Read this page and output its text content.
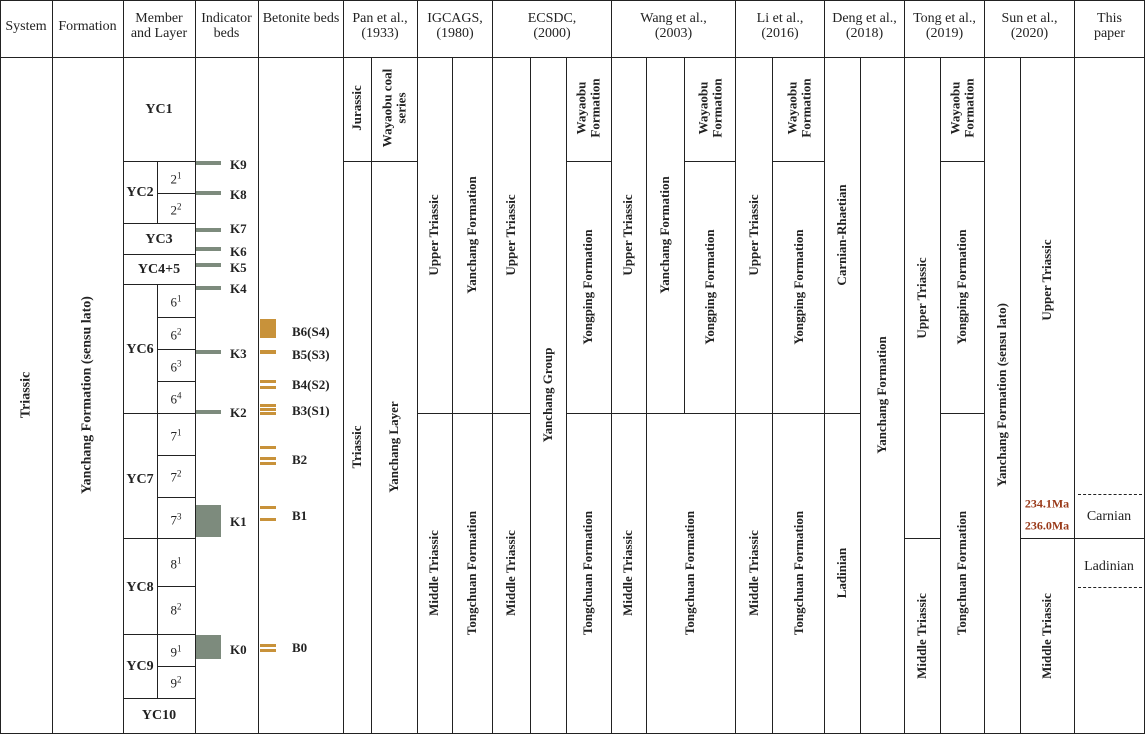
System Formation
Member and Layer
Indicator beds
Betonite beds Pan et al., (1933)
IGCAGS, (1980)
ECSDC, (2000)
Wang et al., (2003)
Li et al., (2016)
Deng et al., (2018)
Tong et al., (2019)
Sun et al., (2020)
This paper
Triassic	Yanchang Formation (sensu lato)
YC1
YC2
YC3
YC4+5
YC6
YC7
YC8
YC9
YC10
$2^1$
$2^2$
$6^1$
$6^2$
$6^3$
$6^4$
$7^1$
$7^2$
$7^3$
$8^1$
$8^2$
$9^1$
$9^2$
K9
K8
K7
K6
K5
K4
K3
K2
K1
K0
B6(S4)
B5(S3)
B4(S2)
B3(S1)
B2
B1
B0
Jurassic Wayaobu coal series
Triassic Yanchang Layer
Upper Triassic
Middle Triassic
Yanchang Formation
Tongchuan Formation
Upper Triassic
Middle Triassic
Yanchang Group
Wayaobu Formation
Yongping Formation
Tongchuan Formation
Upper Triassic
Middle Triassic
Yanchang Formation
Wayaobu Formation
Yongping Formation
Tongchuan Formation
Upper Triassic
Middle Triassic
Wayaobu Formation
Yongping Formation
Tongchuan Formation
Carnian-Rhaetian
Ladinian
Yanchang Formation
Upper Triassic
Middle Triassic
Wayaobu Formation
Yongping Formation
Tongchuan Formation
Yanchang Formation (sensu lato)
Upper Triassic
Middle Triassic
234.1Ma
236.0Ma
Carnian
Ladinian
